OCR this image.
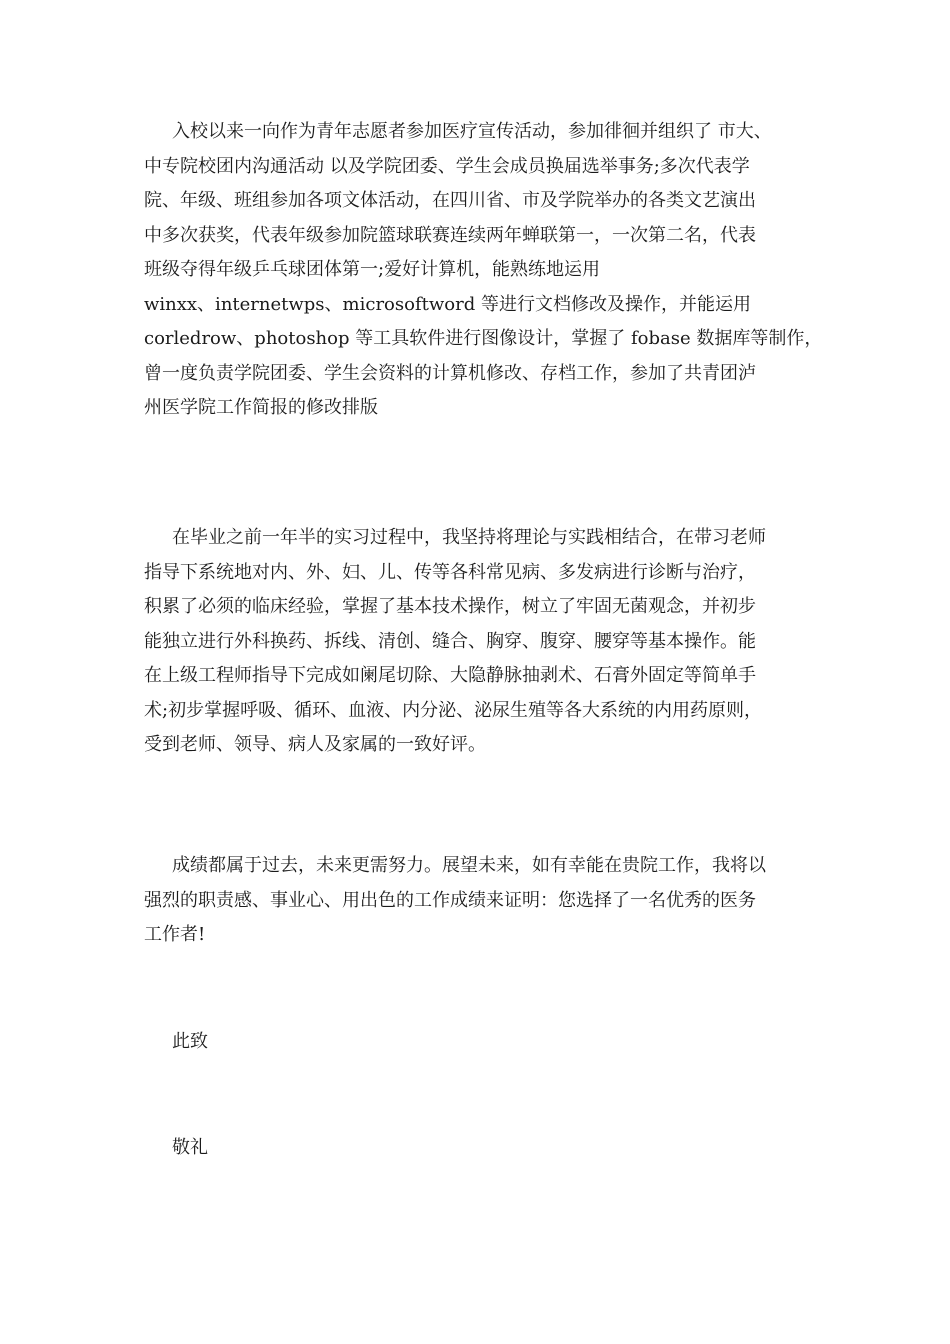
入校以来一向作为青年志愿者参加医疗宣传活动，参加徘徊并组织了 市大、
中专院校团内沟通活动 以及学院团委、学生会成员换届选举事务;多次代表学
院、年级、班组参加各项文体活动，在四川省、市及学院举办的各类文艺演出
中多次获奖，代表年级参加院篮球联赛连续两年蝉联第一，一次第二名，代表
班级夺得年级乒乓球团体第一;爱好计算机，能熟练地运用
winxx、internetwps、microsoftword 等进行文档修改及操作，并能运用
corledrow、photoshop 等工具软件进行图像设计，掌握了 fobase 数据库等制作，
曾一度负责学院团委、学生会资料的计算机修改、存档工作，参加了共青团泸
州医学院工作简报的修改排版
在毕业之前一年半的实习过程中，我坚持将理论与实践相结合，在带习老师
指导下系统地对内、外、妇、儿、传等各科常见病、多发病进行诊断与治疗，
积累了必须的临床经验，掌握了基本技术操作，树立了牢固无菌观念，并初步
能独立进行外科换药、拆线、清创、缝合、胸穿、腹穿、腰穿等基本操作。能
在上级工程师指导下完成如阑尾切除、大隐静脉抽剥术、石膏外固定等简单手
术;初步掌握呼吸、循环、血液、内分泌、泌尿生殖等各大系统的内用药原则，
受到老师、领导、病人及家属的一致好评。
成绩都属于过去，未来更需努力。展望未来，如有幸能在贵院工作，我将以
强烈的职责感、事业心、用出色的工作成绩来证明：您选择了一名优秀的医务
工作者!
此致
敬礼
